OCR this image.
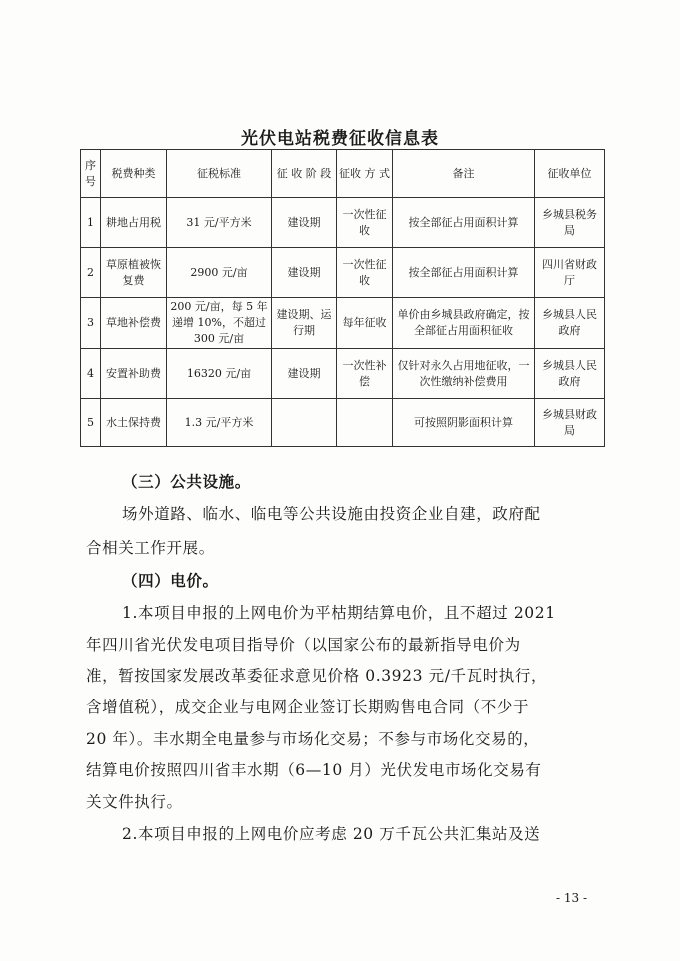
光伏电站税费征收信息表
序号	税费种类	征税标准	征 收 阶 段	征收 方 式	备注	征收单位
1	耕地占用税	31 元/平方米	建设期	一次性征收	按全部征占用面积计算	乡城县税务局
2	草原植被恢复费	2900 元/亩	建设期	一次性征收	按全部征占用面积计算	四川省财政厅
3	草地补偿费	200 元/亩，每 5 年递增 10%，不超过 300 元/亩	建设期、运行期	每年征收	单价由乡城县政府确定，按全部征占用面积征收	乡城县人民政府
4	安置补助费	16320 元/亩	建设期	一次性补偿	仅针对永久占用地征收，一次性缴纳补偿费用	乡城县人民政府
5	水土保持费	1.3 元/平方米			可按照阴影面积计算	乡城县财政局
（三）公共设施。
场外道路、临水、临电等公共设施由投资企业自建，政府配
合相关工作开展。
（四）电价。
1.本项目申报的上网电价为平枯期结算电价，且不超过 2021
年四川省光伏发电项目指导价（以国家公布的最新指导电价为
准，暂按国家发展改革委征求意见价格 0.3923 元/千瓦时执行，
含增值税），成交企业与电网企业签订长期购售电合同（不少于
20 年）。丰水期全电量参与市场化交易；不参与市场化交易的，
结算电价按照四川省丰水期（6—10 月）光伏发电市场化交易有
关文件执行。
2.本项目申报的上网电价应考虑 20 万千瓦公共汇集站及送
- 13 -
